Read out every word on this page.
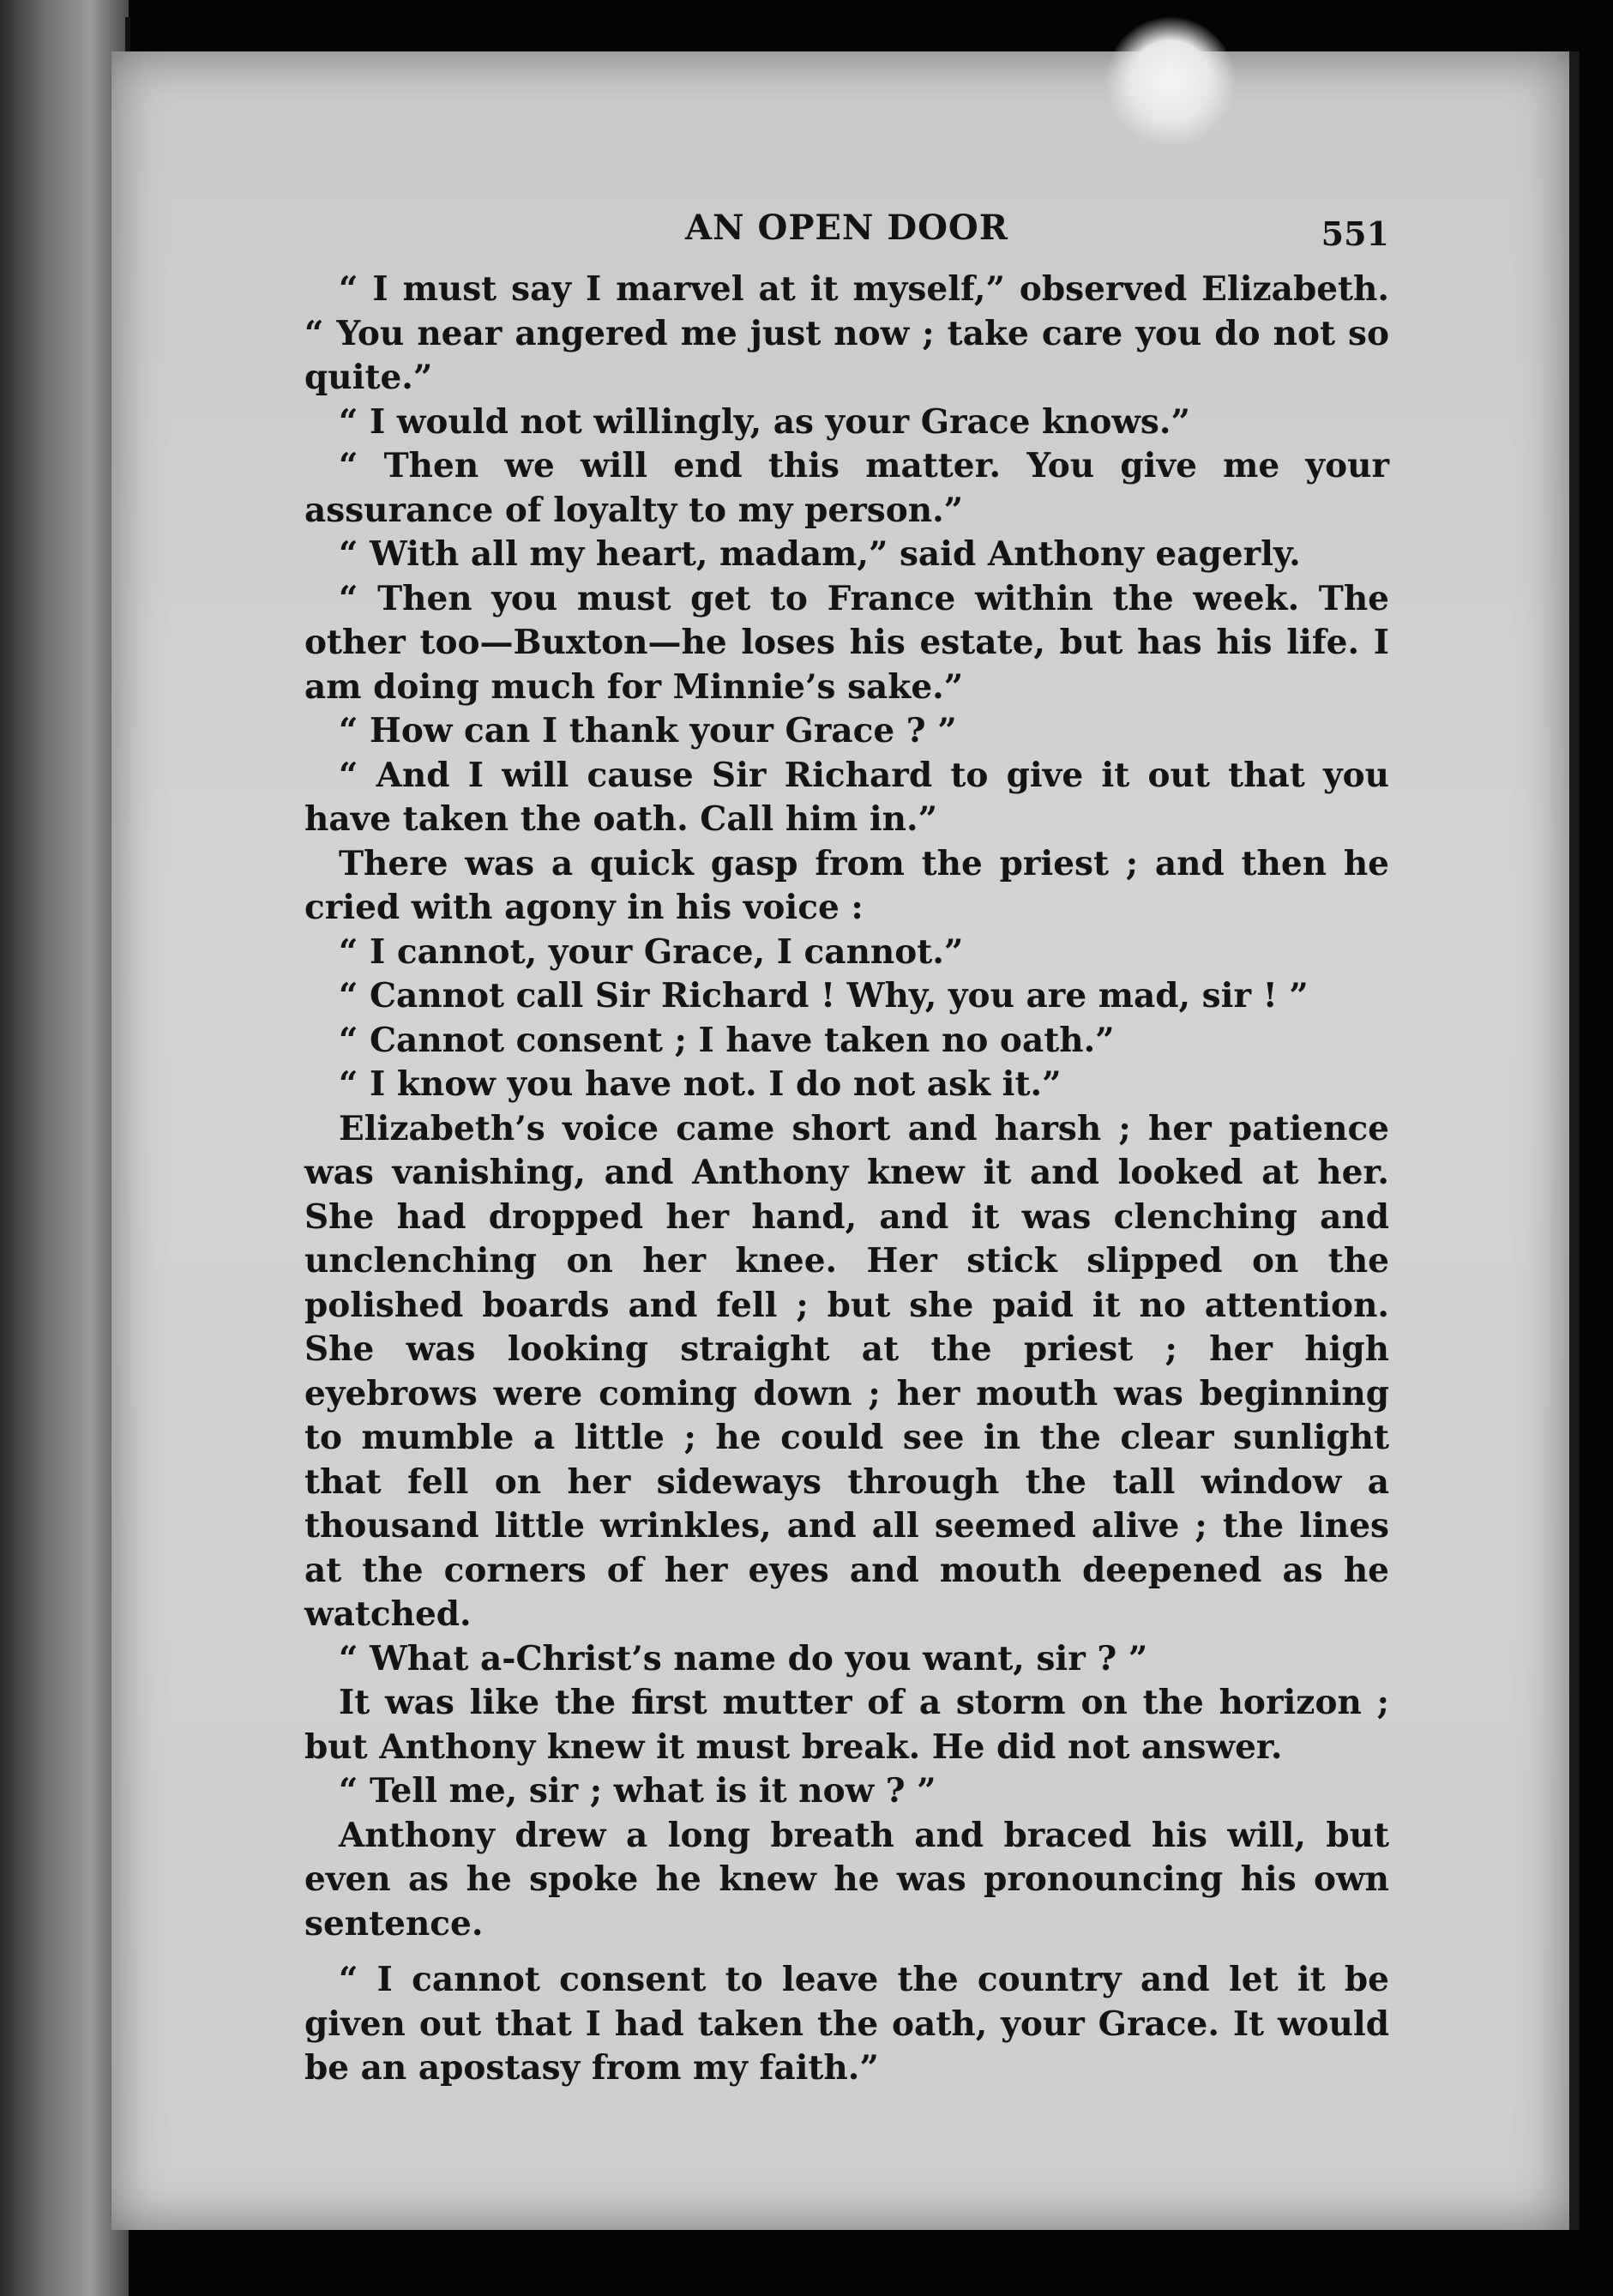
AN OPEN DOOR	551

“ I must say I marvel at it myself,” observed Elizabeth. “ You near angered me just now ; take care you do not so quite.”

“ I would not willingly, as your Grace knows.”

“ Then we will end this matter. You give me your assurance of loyalty to my person.”

“ With all my heart, madam,” said Anthony eagerly.

“ Then you must get to France within the week. The other too—Buxton—he loses his estate, but has his life. I am doing much for Minnie’s sake.”

“ How can I thank your Grace ? ”

“ And I will cause Sir Richard to give it out that you have taken the oath. Call him in.”

There was a quick gasp from the priest ; and then he cried with agony in his voice :

“ I cannot, your Grace, I cannot.”

“ Cannot call Sir Richard ! Why, you are mad, sir ! ”

“ Cannot consent ; I have taken no oath.”

“ I know you have not. I do not ask it.”

Elizabeth’s voice came short and harsh ; her patience was vanishing, and Anthony knew it and looked at her. She had dropped her hand, and it was clenching and unclenching on her knee. Her stick slipped on the polished boards and fell ; but she paid it no attention. She was looking straight at the priest ; her high eyebrows were coming down ; her mouth was beginning to mumble a little ; he could see in the clear sunlight that fell on her sideways through the tall window a thousand little wrinkles, and all seemed alive ; the lines at the corners of her eyes and mouth deepened as he watched.

“ What a-Christ’s name do you want, sir ? ”

It was like the first mutter of a storm on the horizon ; but Anthony knew it must break. He did not answer.

“ Tell me, sir ; what is it now ? ”

Anthony drew a long breath and braced his will, but even as he spoke he knew he was pronouncing his own sentence.

“ I cannot consent to leave the country and let it be given out that I had taken the oath, your Grace. It would be an apostasy from my faith.”
